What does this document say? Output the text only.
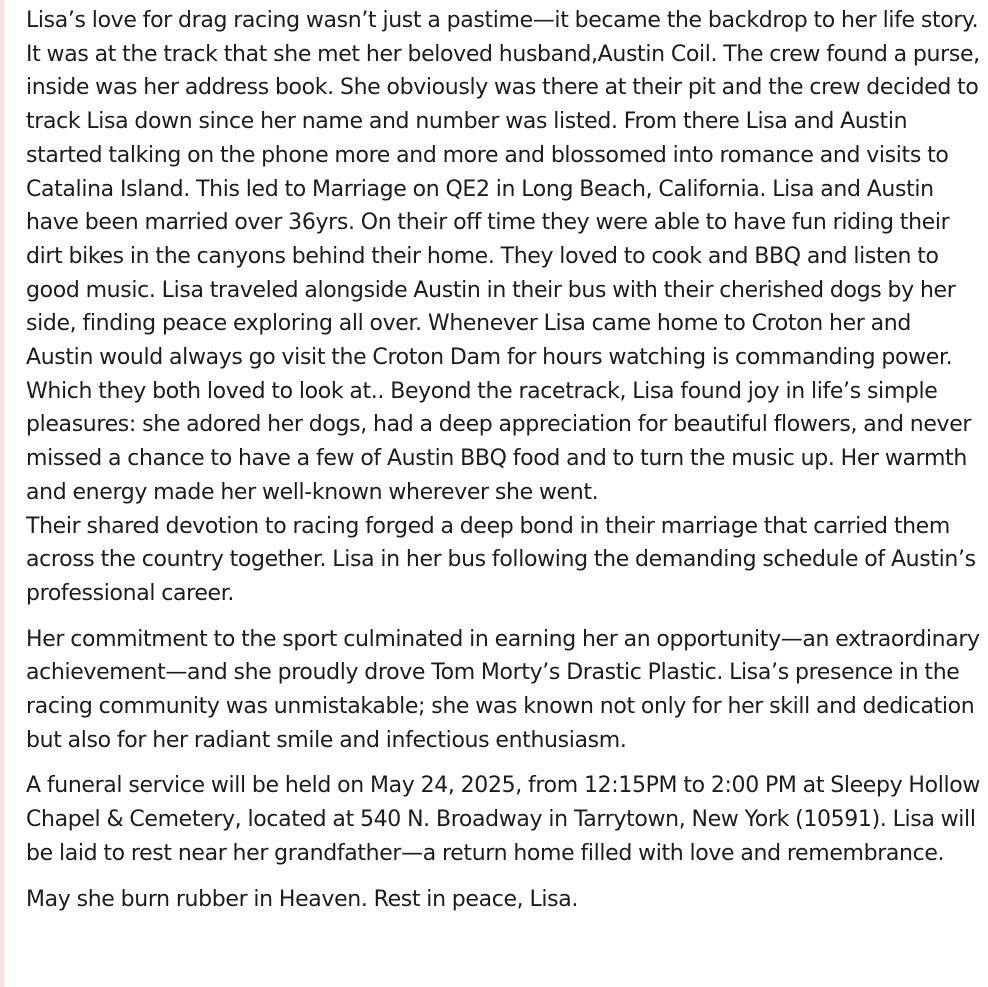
Lisa’s love for drag racing wasn’t just a pastime—it became the backdrop to her life story. It was at the track that she met her beloved husband,Austin Coil. The crew found a purse, inside was her address book. She obviously was there at their pit and the crew decided to track Lisa down since her name and number was listed. From there Lisa and Austin started talking on the phone more and more and blossomed into romance and visits to Catalina Island. This led to Marriage on QE2 in Long Beach, California. Lisa and Austin have been married over 36yrs. On their off time they were able to have fun riding their dirt bikes in the canyons behind their home. They loved to cook and BBQ and listen to good music. Lisa traveled alongside Austin in their bus with their cherished dogs by her side, finding peace exploring all over. Whenever Lisa came home to Croton her and Austin would always go visit the Croton Dam for hours watching is commanding power. Which they both loved to look at.. Beyond the racetrack, Lisa found joy in life’s simple pleasures: she adored her dogs, had a deep appreciation for beautiful flowers, and never missed a chance to have a few of Austin BBQ food and to turn the music up. Her warmth and energy made her well-known wherever she went.

Their shared devotion to racing forged a deep bond in their marriage that carried them across the country together. Lisa in her bus following the demanding schedule of Austin’s professional career.

Her commitment to the sport culminated in earning her an opportunity—an extraordinary achievement—and she proudly drove Tom Morty’s Drastic Plastic. Lisa’s presence in the racing community was unmistakable; she was known not only for her skill and dedication but also for her radiant smile and infectious enthusiasm.

A funeral service will be held on May 24, 2025, from 12:15PM to 2:00 PM at Sleepy Hollow Chapel & Cemetery, located at 540 N. Broadway in Tarrytown, New York (10591). Lisa will be laid to rest near her grandfather—a return home filled with love and remembrance.

May she burn rubber in Heaven. Rest in peace, Lisa.
